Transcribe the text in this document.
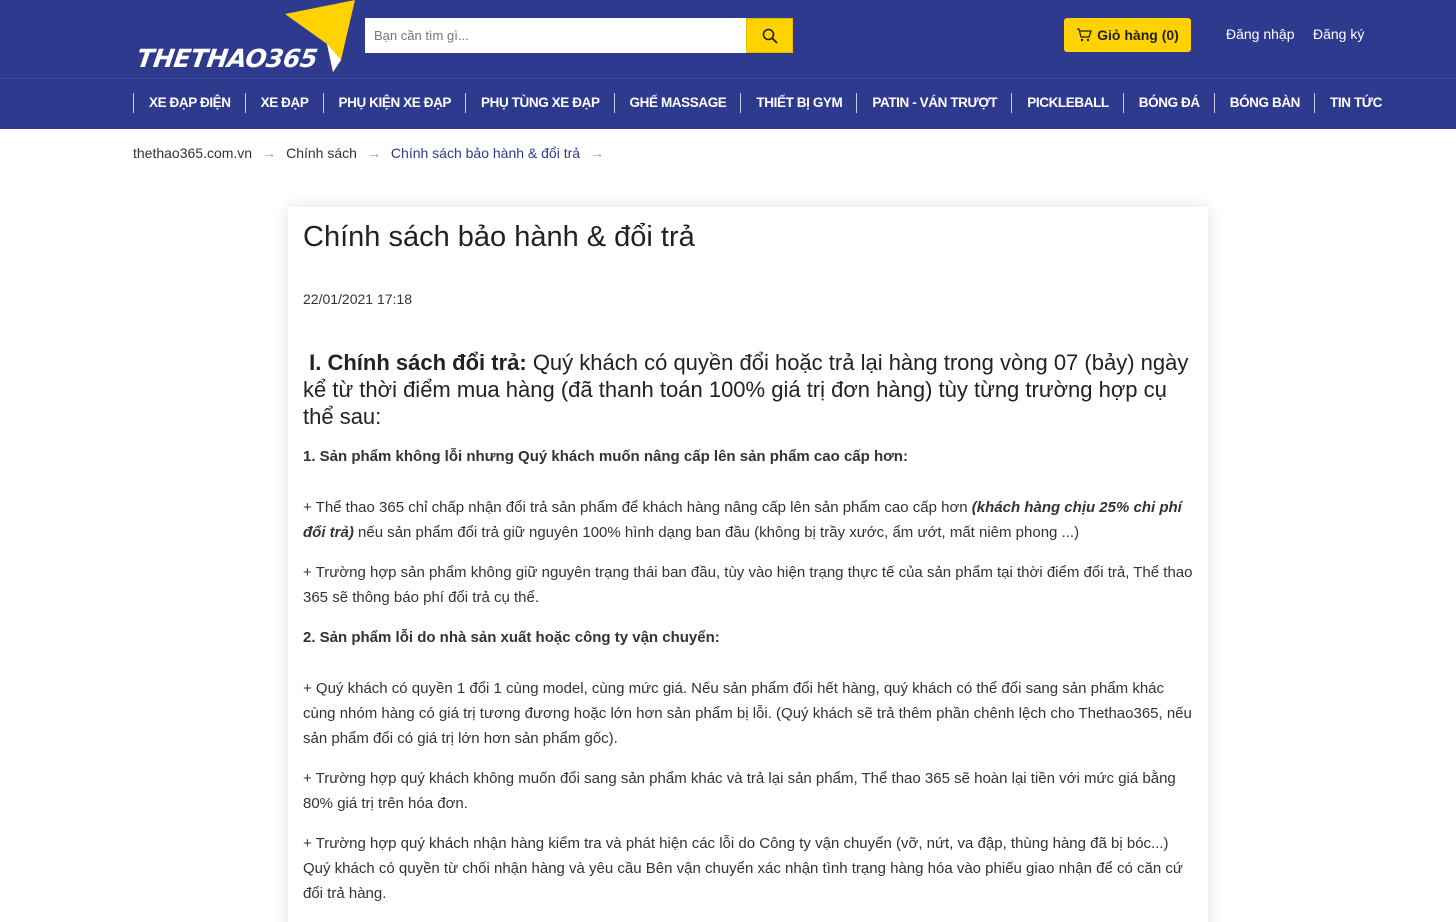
THETHAO365
Bạn cần tìm gì...
Giỏ hàng (0)	Đăng nhập Đăng ký
XE ĐẠP ĐIỆN	XE ĐẠP	PHỤ KIỆN XE ĐẠP	PHỤ TÙNG XE ĐẠP	GHẾ MASSAGE	THIẾT BỊ GYM	PATIN - VÁN TRƯỢT	PICKLEBALL	BÓNG ĐÁ	BÓNG BÀN	TIN TỨC
thethao365.com.vn → Chính sách → Chính sách bảo hành & đổi trả →
Chính sách bảo hành & đổi trả
22/01/2021 17:18

I. Chính sách đổi trả: Quý khách có quyền đổi hoặc trả lại hàng trong vòng 07 (bảy) ngày kể từ thời điểm mua hàng (đã thanh toán 100% giá trị đơn hàng) tùy từng trường hợp cụ thể sau:

1. Sản phẩm không lỗi nhưng Quý khách muốn nâng cấp lên sản phẩm cao cấp hơn:

+ Thể thao 365 chỉ chấp nhận đổi trả sản phẩm để khách hàng nâng cấp lên sản phẩm cao cấp hơn (khách hàng chịu 25% chi phí đổi trả) nếu sản phẩm đổi trả giữ nguyên 100% hình dạng ban đầu (không bị trầy xước, ẩm ướt, mất niêm phong ...)

+ Trường hợp sản phẩm không giữ nguyên trạng thái ban đầu, tùy vào hiện trạng thực tế của sản phẩm tại thời điểm đổi trả, Thể thao 365 sẽ thông báo phí đổi trả cụ thể.

2. Sản phẩm lỗi do nhà sản xuất hoặc công ty vận chuyển:

+ Quý khách có quyền 1 đổi 1 cùng model, cùng mức giá. Nếu sản phẩm đổi hết hàng, quý khách có thể đổi sang sản phẩm khác cùng nhóm hàng có giá trị tương đương hoặc lớn hơn sản phẩm bị lỗi. (Quý khách sẽ trả thêm phần chênh lệch cho Thethao365, nếu sản phẩm đổi có giá trị lớn hơn sản phẩm gốc).

+ Trường hợp quý khách không muốn đổi sang sản phẩm khác và trả lại sản phẩm, Thể thao 365 sẽ hoàn lại tiền với mức giá bằng 80% giá trị trên hóa đơn.

+ Trường hợp quý khách nhận hàng kiểm tra và phát hiện các lỗi do Công ty vận chuyển (vỡ, nứt, va đập, thùng hàng đã bị bóc...) Quý khách có quyền từ chối nhận hàng và yêu cầu Bên vận chuyển xác nhận tình trạng hàng hóa vào phiếu giao nhận để có căn cứ đổi trả hàng.
